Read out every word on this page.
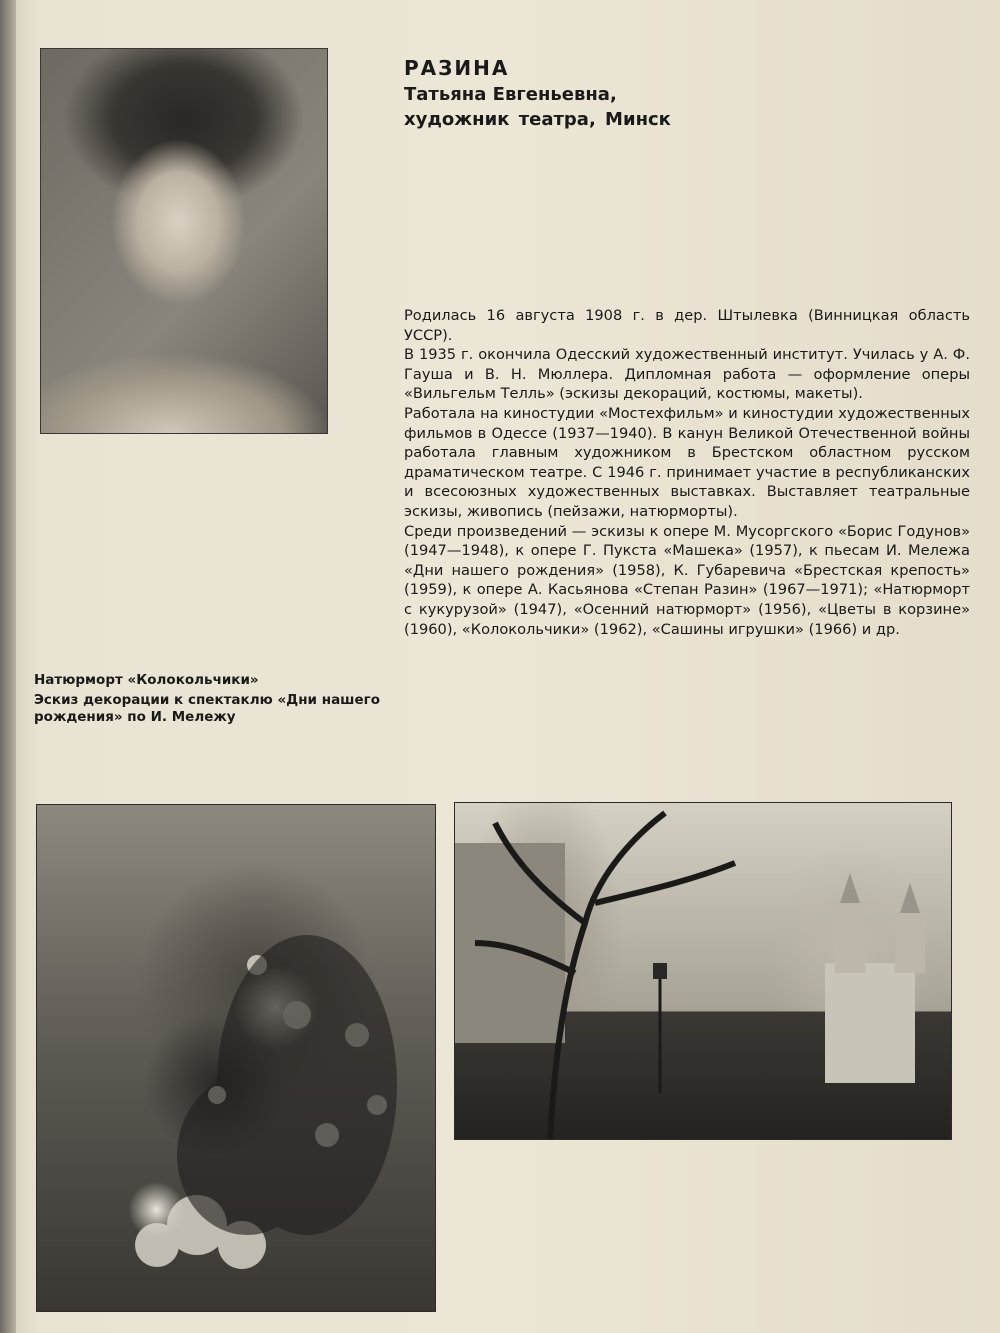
РАЗИНА

Татьяна Евгеньевна,

художник театра, Минск

Родилась 16 августа 1908 г. в дер. Штылевка (Винницкая область УССР).

В 1935 г. окончила Одесский художественный институт. Училась у А. Ф. Гауша и В. Н. Мюллера. Дипломная работа — оформление оперы «Вильгельм Телль» (эскизы декораций, костюмы, макеты).

Работала на киностудии «Мостехфильм» и киностудии художественных фильмов в Одессе (1937—1940). В канун Великой Отечественной войны работала главным художником в Брестском областном русском драматическом театре. С 1946 г. принимает участие в республиканских и всесоюзных художественных выставках. Выставляет театральные эскизы, живопись (пейзажи, натюрморты).

Среди произведений — эскизы к опере М. Мусоргского «Борис Годунов» (1947—1948), к опере Г. Пукста «Машека» (1957), к пьесам И. Мележа «Дни нашего рождения» (1958), К. Губаревича «Брестская крепость» (1959), к опере А. Касьянова «Степан Разин» (1967—1971); «Натюрморт с кукурузой» (1947), «Осенний натюрморт» (1956), «Цветы в корзине» (1960), «Колокольчики» (1962), «Сашины игрушки» (1966) и др.

Натюрморт «Колокольчики»
Эскиз декорации к спектаклю «Дни нашего рождения» по И. Мележу
